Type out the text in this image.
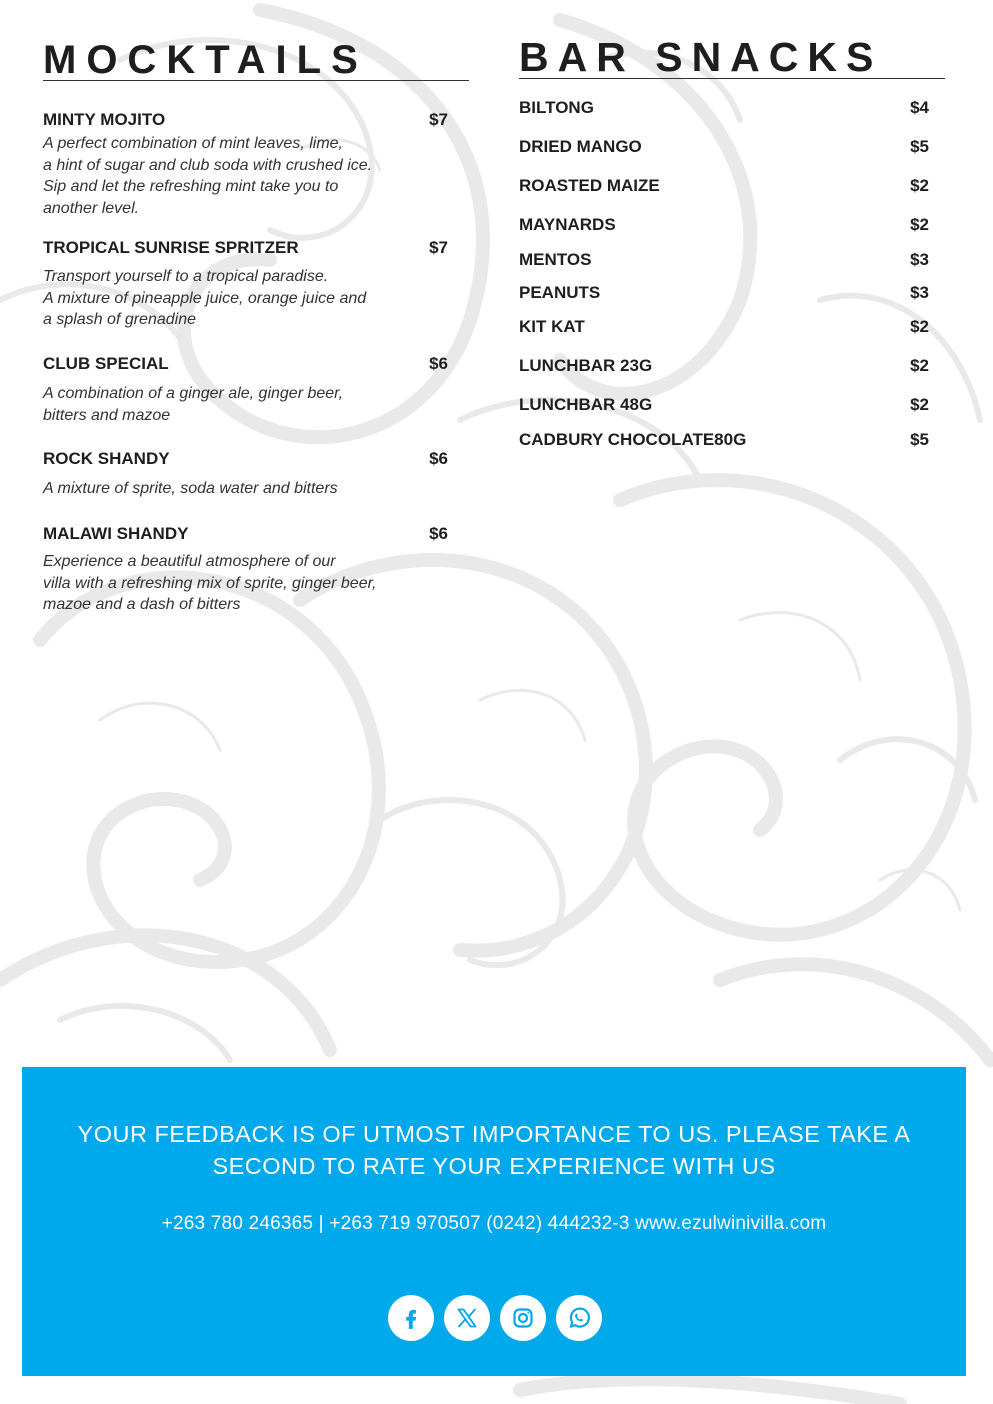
MOCKTAILS
MINTY MOJITO	$7
A perfect combination of mint leaves, lime,
a hint of sugar and club soda with crushed ice.
Sip and let the refreshing mint take you to
another level.
TROPICAL SUNRISE SPRITZER	$7
Transport yourself to a tropical paradise.
A mixture of pineapple juice, orange juice and
a splash of grenadine
CLUB SPECIAL	$6
A combination of a ginger ale, ginger beer,
bitters and mazoe
ROCK SHANDY	$6
A mixture of sprite, soda water and bitters
MALAWI SHANDY	$6
Experience a beautiful atmosphere of our
villa with a refreshing mix of sprite, ginger beer,
mazoe and a dash of bitters
BAR SNACKS
BILTONG	$4
DRIED MANGO	$5
ROASTED MAIZE	$2
MAYNARDS	$2
MENTOS	$3
PEANUTS	$3
KIT KAT	$2
LUNCHBAR 23G	$2
LUNCHBAR 48G	$2
CADBURY CHOCOLATE80G	$5
YOUR FEEDBACK IS OF UTMOST IMPORTANCE TO US. PLEASE TAKE A
SECOND TO RATE YOUR EXPERIENCE WITH US
+263 780 246365 | +263 719 970507 (0242) 444232-3 www.ezulwinivilla.com
